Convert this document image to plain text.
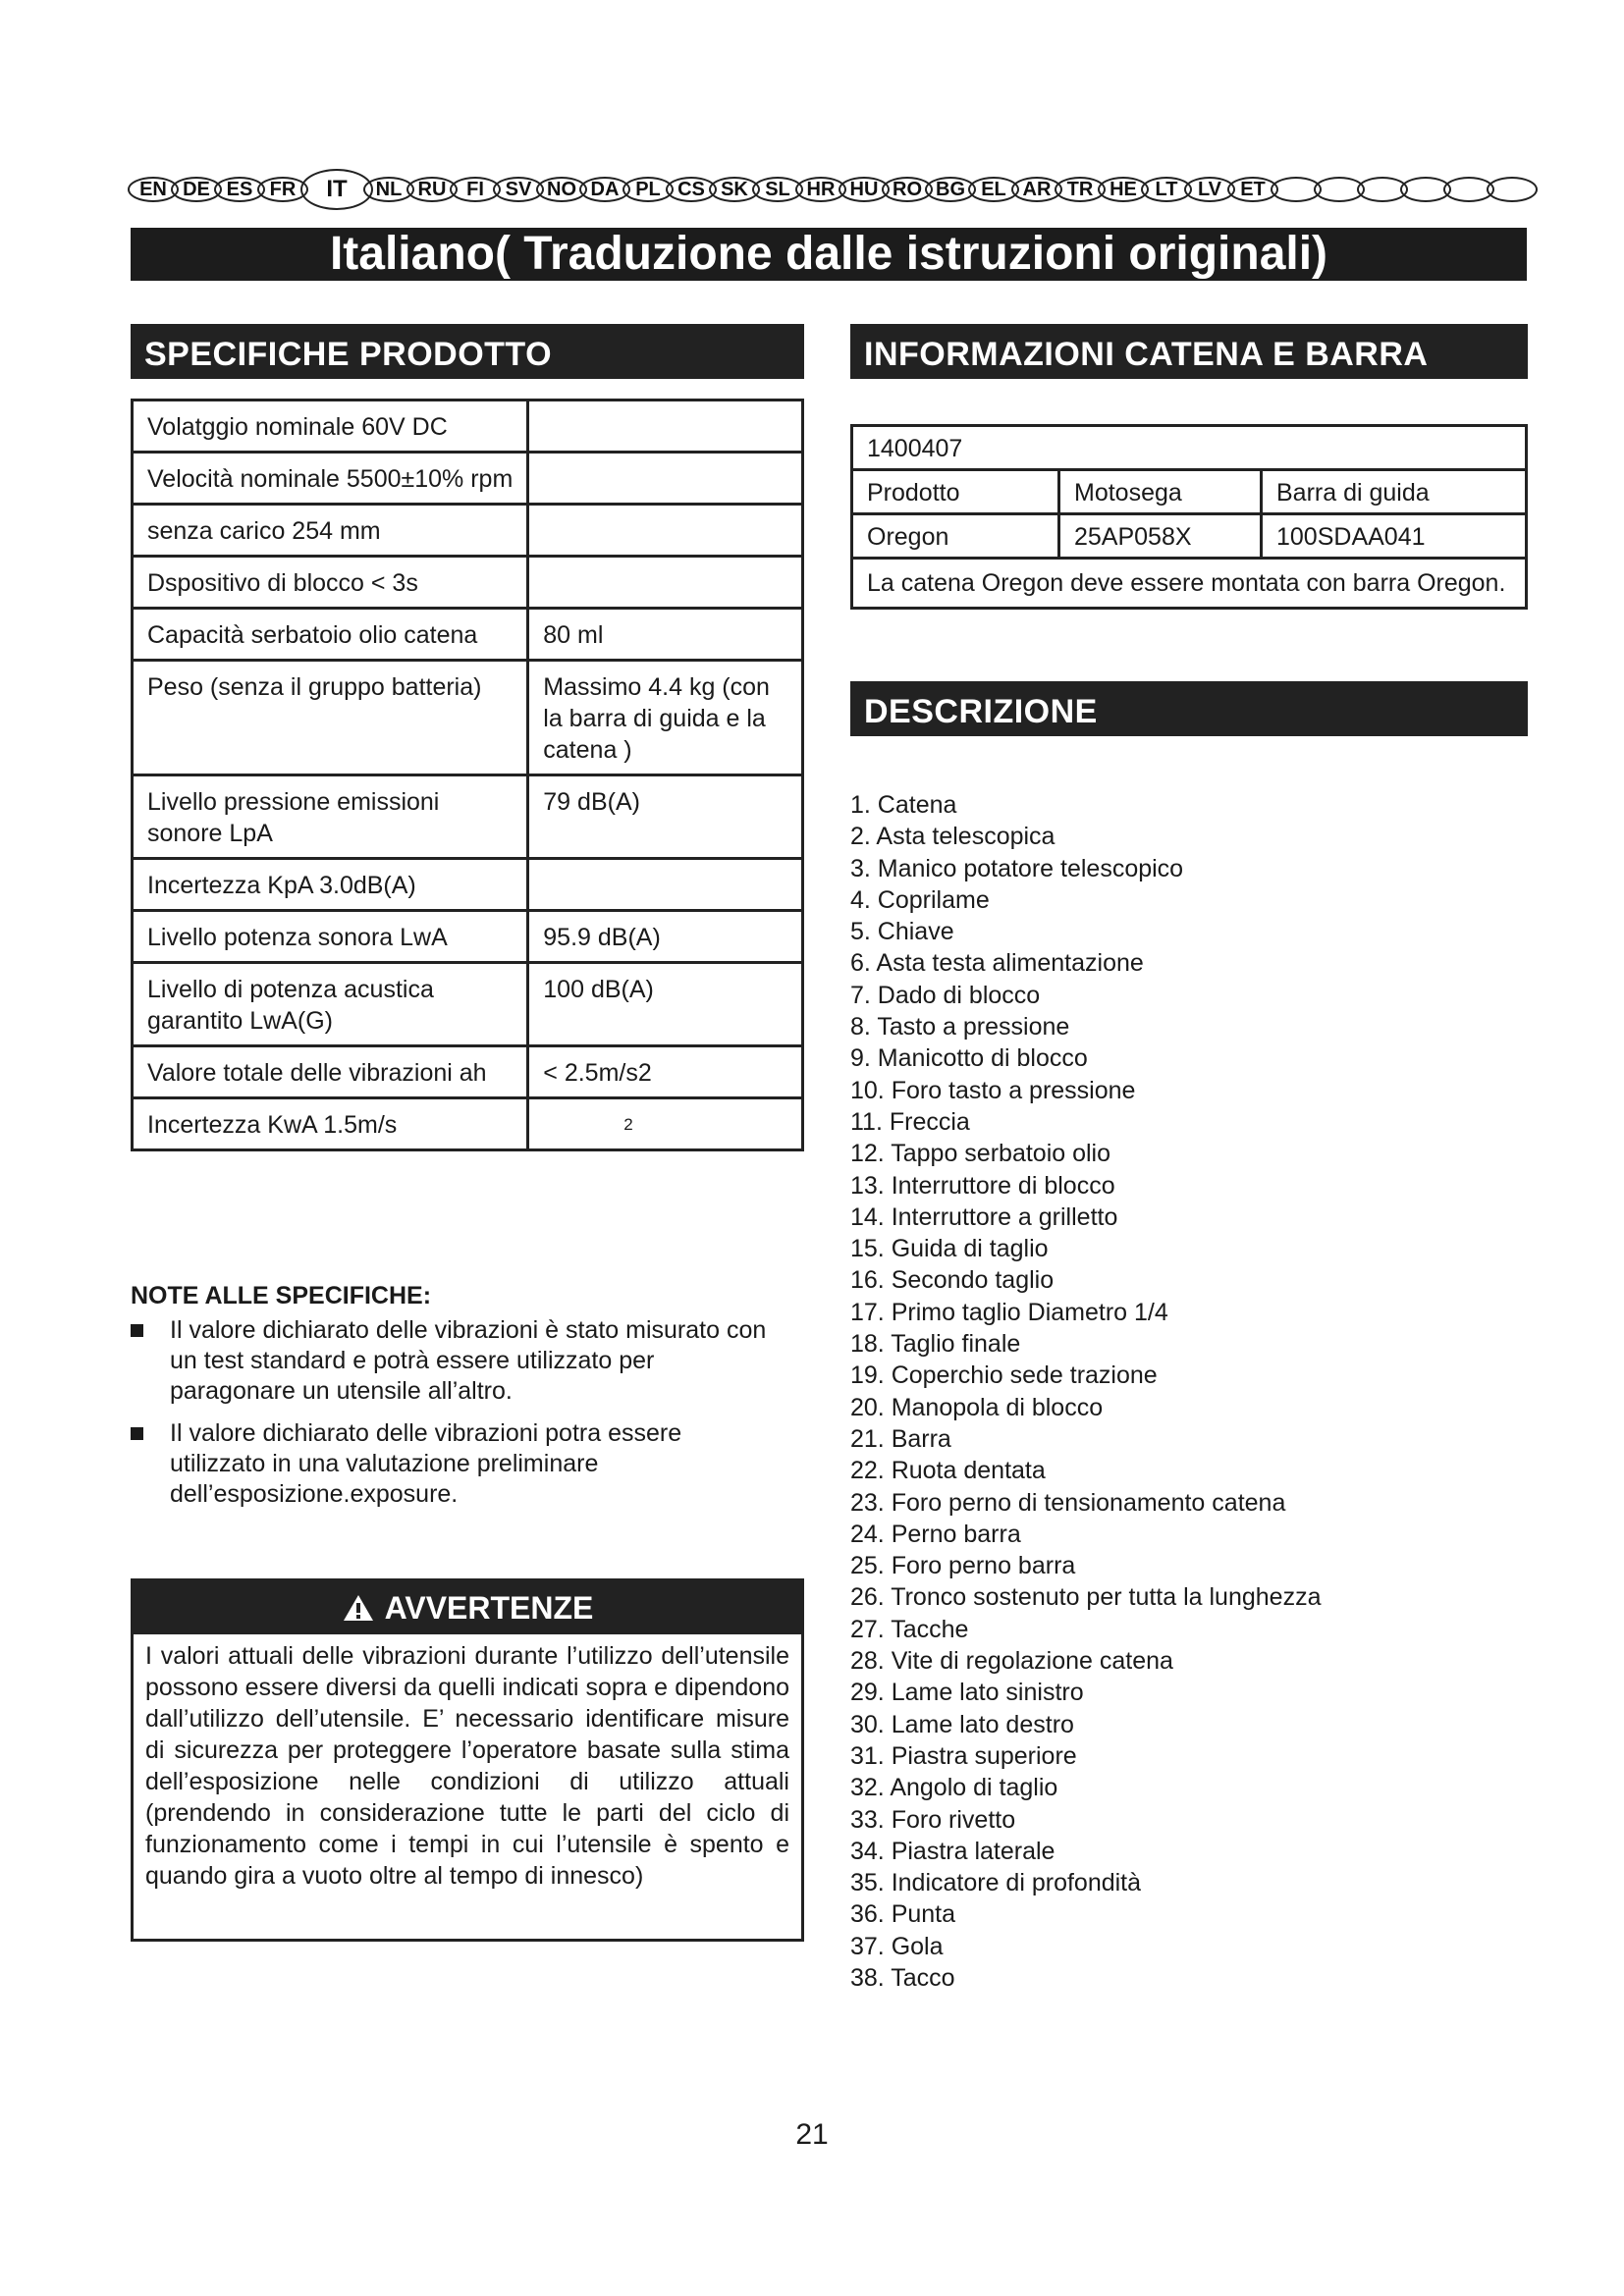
EN DE ES FR	IT	NL RU	FI	SV NO DA PL CS SK SL HR HU RO BG EL AR TR HE LT	LV ET
Italiano( Traduzione dalle istruzioni originali)
SPECIFICHE PRODOTTO
Volatggio nominale 60V DC	
Velocità nominale 5500±10% rpm	
senza carico 254 mm	
Dspositivo di blocco < 3s	
Capacità serbatoio olio catena	80 ml
Peso (senza il gruppo batteria)	Massimo 4.4 kg (con la barra di guida e la catena )
Livello pressione emissioni sonore LpA	79 dB(A)
Incertezza KpA 3.0dB(A)	
Livello potenza sonora LwA	95.9 dB(A)
Livello di potenza acustica garantito LwA(G)	100 dB(A)
Valore totale delle vibrazioni ah	< 2.5m/s2
Incertezza KwA 1.5m/s	2
NOTE ALLE SPECIFICHE:
Il valore dichiarato delle vibrazioni è stato misurato con un test standard e potrà essere utilizzato per paragonare un utensile all’altro.
Il valore dichiarato delle vibrazioni potra essere utilizzato in una valutazione preliminare dell’esposizione.exposure.
AVVERTENZE
I valori attuali delle vibrazioni durante l’utilizzo dell’utensile possono essere diversi da quelli indicati sopra e dipendono dall’utilizzo dell’utensile. E’ necessario identificare misure di sicurezza per proteggere l’operatore basate sulla stima dell’esposizione nelle condizioni di utilizzo attuali (prendendo in considerazione tutte le parti del ciclo di funzionamento come i tempi in cui l’utensile è spento e quando gira a vuoto oltre al tempo di innesco)
INFORMAZIONI CATENA E BARRA
1400407		
Prodotto	Motosega	Barra di guida
Oregon	25AP058X	100SDAA041
La catena Oregon deve essere montata con barra Oregon.		
DESCRIZIONE
1. Catena
2. Asta telescopica
3. Manico potatore telescopico
4. Coprilame
5. Chiave
6. Asta testa alimentazione
7. Dado di blocco
8. Tasto a pressione
9. Manicotto di blocco
10. Foro tasto a pressione
11. Freccia
12. Tappo serbatoio olio
13. Interruttore di blocco
14. Interruttore a grilletto
15. Guida di taglio
16. Secondo taglio
17. Primo taglio Diametro 1/4
18. Taglio finale
19. Coperchio sede trazione
20. Manopola di blocco
21. Barra
22. Ruota dentata
23. Foro perno di tensionamento catena
24. Perno barra
25. Foro perno barra
26. Tronco sostenuto per tutta la lunghezza
27. Tacche
28. Vite di regolazione catena
29. Lame lato sinistro
30. Lame lato destro
31. Piastra superiore
32. Angolo di taglio
33. Foro rivetto
34. Piastra laterale
35. Indicatore di profondità
36. Punta
37. Gola
38. Tacco
21
